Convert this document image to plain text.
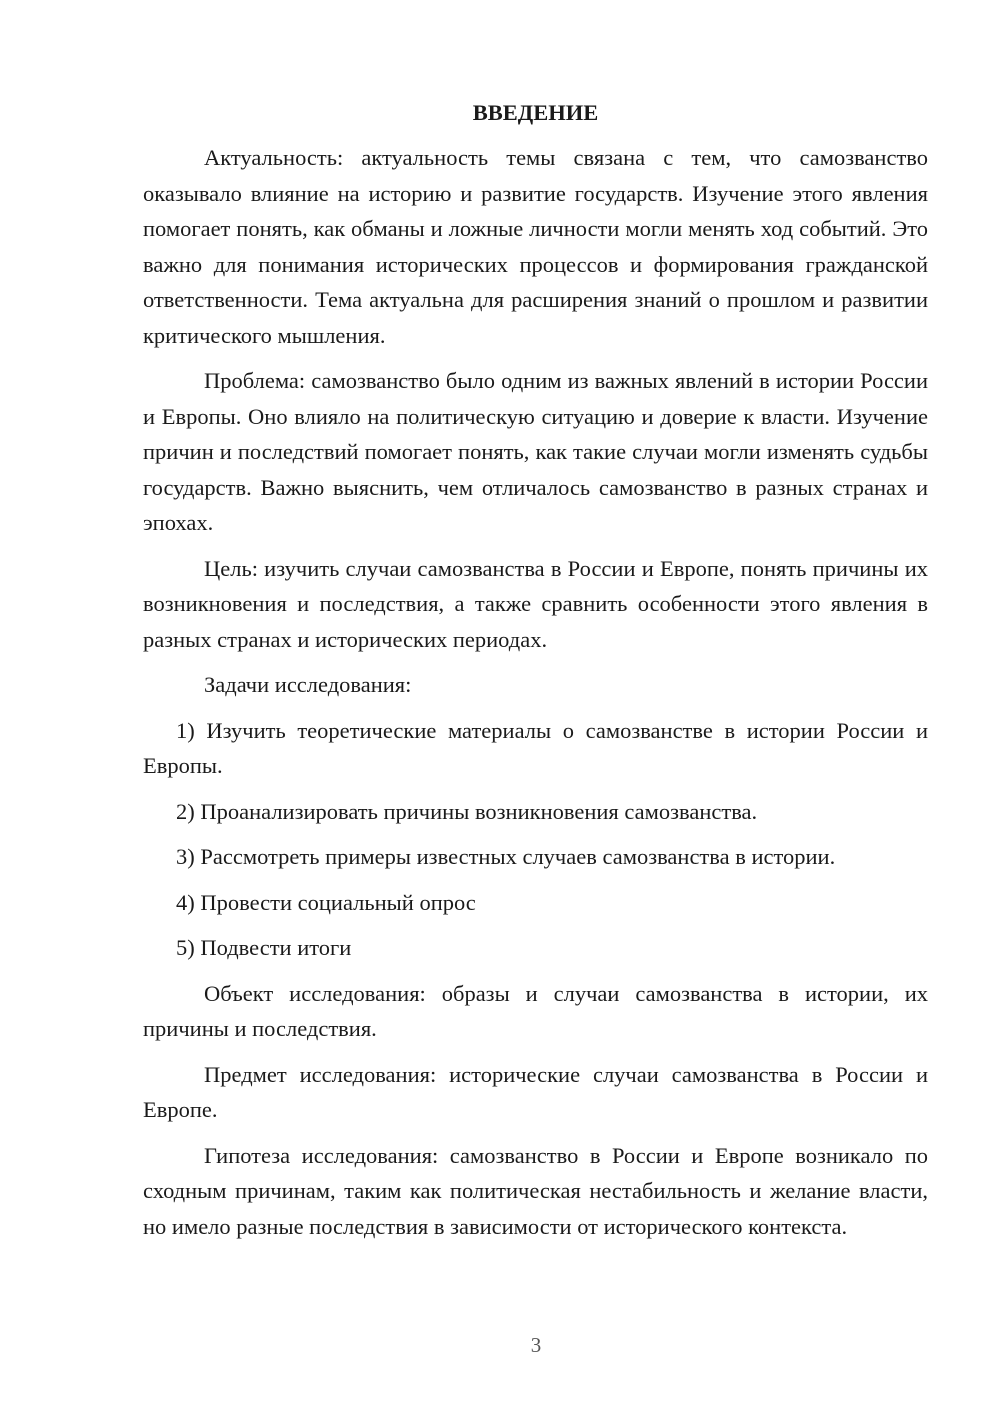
ВВЕДЕНИЕ

Актуальность: актуальность темы связана с тем, что самозванство оказывало влияние на историю и развитие государств. Изучение этого явления помогает понять, как обманы и ложные личности могли менять ход событий. Это важно для понимания исторических процессов и формирования гражданской ответственности. Тема актуальна для расширения знаний о прошлом и развитии критического мышления.

Проблема: самозванство было одним из важных явлений в истории России и Европы. Оно влияло на политическую ситуацию и доверие к власти. Изучение причин и последствий помогает понять, как такие случаи могли изменять судьбы государств. Важно выяснить, чем отличалось самозванство в разных странах и эпохах.

Цель: изучить случаи самозванства в России и Европе, понять причины их возникновения и последствия, а также сравнить особенности этого явления в разных странах и исторических периодах.

Задачи исследования:

1) Изучить теоретические материалы о самозванстве в истории России и Европы.

2) Проанализировать причины возникновения самозванства.

3) Рассмотреть примеры известных случаев самозванства в истории.

4) Провести социальный опрос

5) Подвести итоги

Объект исследования: образы и случаи самозванства в истории, их причины и последствия.

Предмет исследования: исторические случаи самозванства в России и Европе.

Гипотеза исследования: самозванство в России и Европе возникало по сходным причинам, таким как политическая нестабильность и желание власти, но имело разные последствия в зависимости от исторического контекста.

3
